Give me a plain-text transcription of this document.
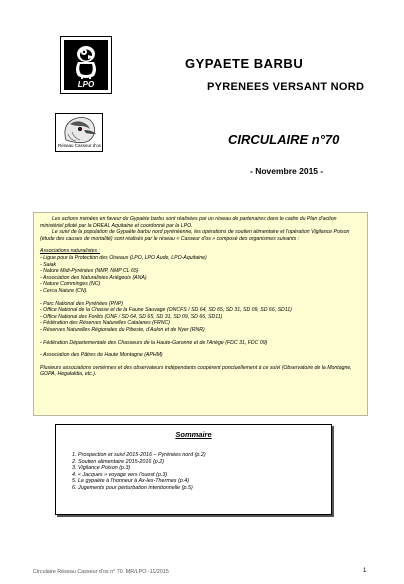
LPO
GYPAETE BARBU
PYRENEES VERSANT NORD
Réseau Casseur d'os	CIRCULAIRE n°70
- Novembre 2015 -

Les actions menées en faveur du Gypaète barbu sont réalisées par un réseau de partenaires dans le cadre du Plan d'action ministériel piloté par la DREAL Aquitaine et coordonné par la LPO.

Le suivi de la population de Gypaète barbu nord pyrénéenne, les opérations de soutien alimentaire et l'opération Vigilance Poison (étude des causes de mortalité) sont réalisés par le réseau « Casseur d'os » composé des organismes suivants :

Associations naturalistes :

- Ligue pour la Protection des Oiseaux (LPO, LPO Aude, LPO-Aquitaine)

- Saiak

- Nature Midi-Pyrénées (NMP, NMP CL 65)

- Association des Naturalistes Ariégeois (ANA)

- Nature Comminges (NC)

- Cerca Nature (CN).

- Parc National des Pyrénées (PNP)

- Office National de la Chasse et de la Faune Sauvage (ONCFS / SD 64, SD 65, SD 31, SD 09, SD 66, SD11)

- Office National des Forêts (ONF / SD 64, SD 65, SD 31, SD 09, SD 66, SD11)

- Fédération des Réserves Naturelles Catalanes (FRNC)

- Réserves Naturelles Régionales du Pibeste, d'Aulon et de Nyer (RNR)

- Fédération Départementale des Chasseurs de la Haute-Garonne et de l'Ariège (FDC 31, FDC 09)

- Association des Pâtres de Haute Montagne (APHM)

Plusieurs associations ovniénnes et des observateurs indépendants coopèrent ponctuellement à ce suivi (Observatoire de la Montagne, GOPA, Hegalaldia, etc.).

Sommaire
1. Prospection et suivi 2015-2016 – Pyrénées nord (p.2)
2. Soutien alimentaire 2015-2016 (p.2)
3. Vigilance Poison (p.3)
4. « Jacques » voyage vers l'ouest (p.3)
5. Le gypaète à l'honneur à Ax-les-Thermes (p.4)
6. Jugements pour perturbation intentionnelle (p.5)
Circulaire Réseau Casseur d'os n° 70. MR/LPO -11/2015	1
